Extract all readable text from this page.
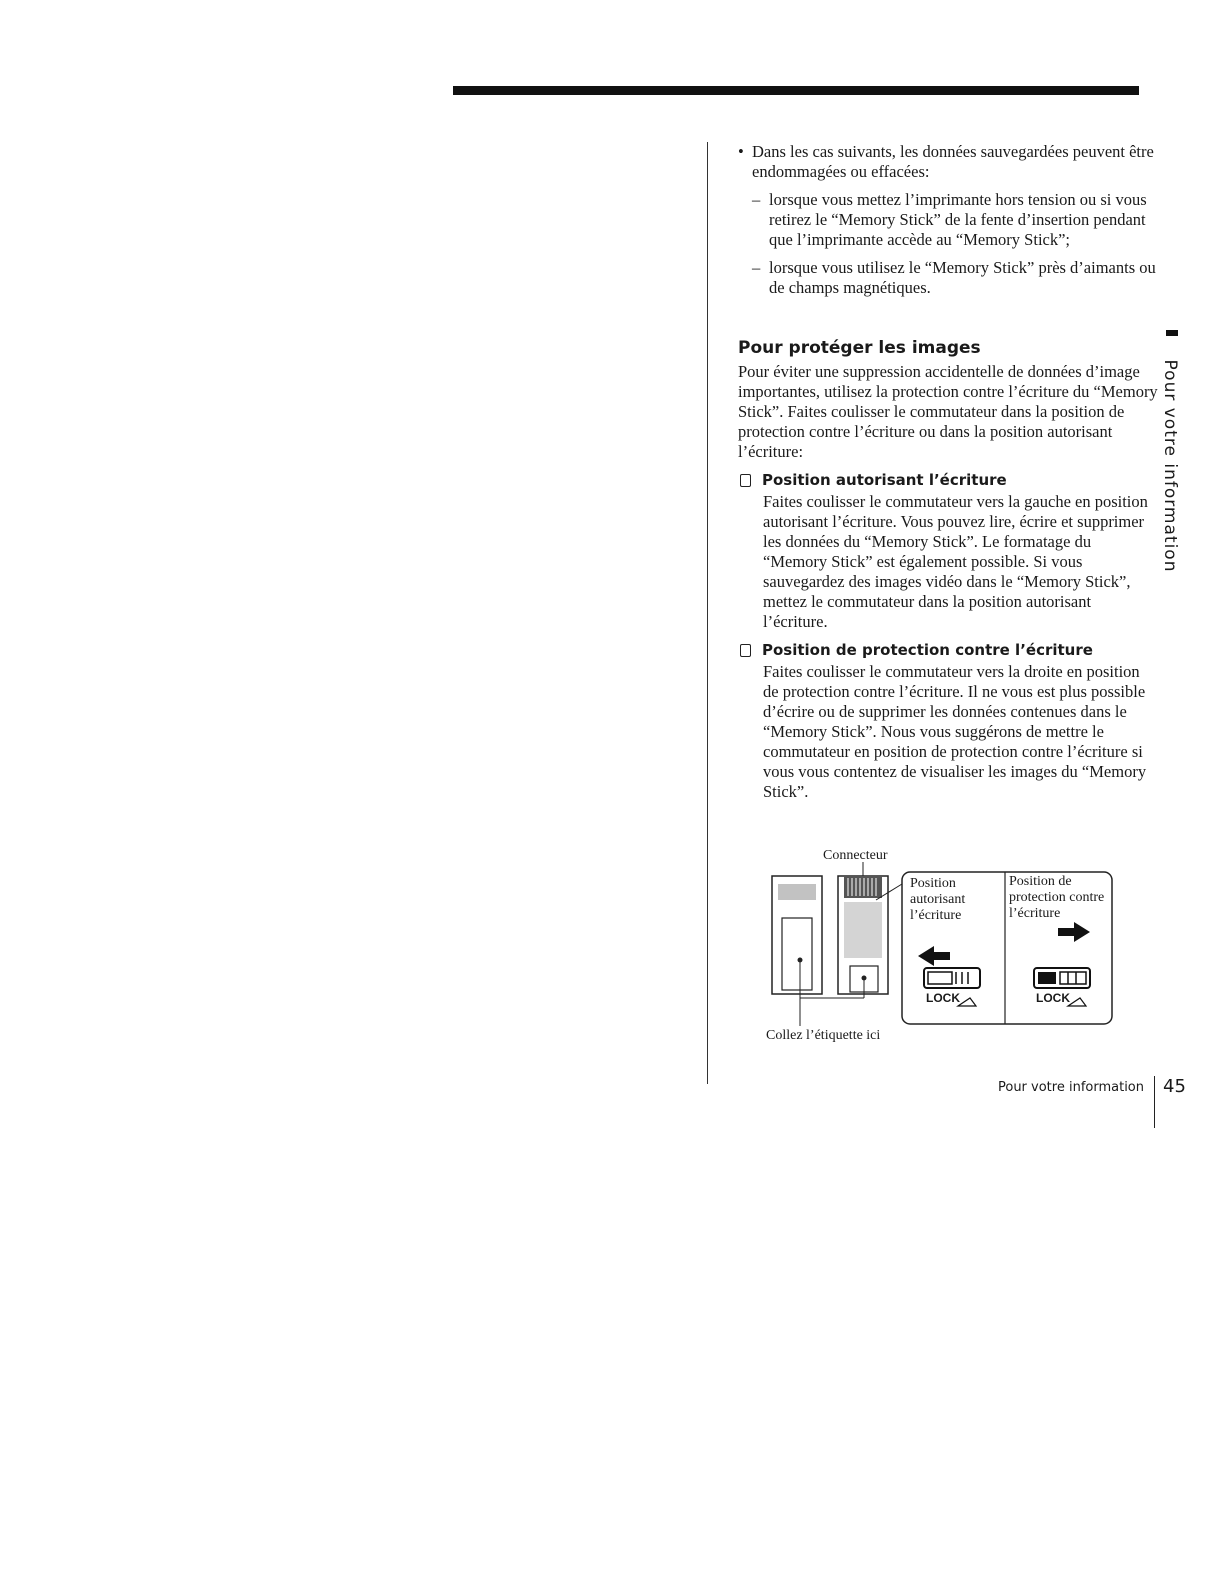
• Dans les cas suivants, les données sauvegardées peuvent être endommagées ou effacées:
– lorsque vous mettez l’imprimante hors tension ou si vous retirez le “Memory Stick” de la fente d’insertion pendant que l’imprimante accède au “Memory Stick”;
– lorsque vous utilisez le “Memory Stick” près d’aimants ou de champs magnétiques.
Pour protéger les images

Pour éviter une suppression accidentelle de données d’image importantes, utilisez la protection contre l’écriture du “Memory Stick”. Faites coulisser le commutateur dans la position de protection contre l’écriture ou dans la position autorisant l’écriture:

Position autorisant l’écriture

Faites coulisser le commutateur vers la gauche en position autorisant l’écriture. Vous pouvez lire, écrire et supprimer les données du “Memory Stick”. Le formatage du “Memory Stick” est également possible. Si vous sauvegardez des images vidéo dans le “Memory Stick”, mettez le commutateur dans la position autorisant l’écriture.

Position de protection contre l’écriture

Faites coulisser le commutateur vers la droite en position de protection contre l’écriture. Il ne vous est plus possible d’écrire ou de supprimer les données contenues dans le “Memory Stick”. Nous vous suggérons de mettre le commutateur en position de protection contre l’écriture si vous vous contentez de visualiser les images du “Memory Stick”.

Connecteur
Position autorisant l’écriture
Position de protection contre l’écriture
LOCK	LOCK
Collez l’étiquette ici
Pour votre information
Pour votre information 45
